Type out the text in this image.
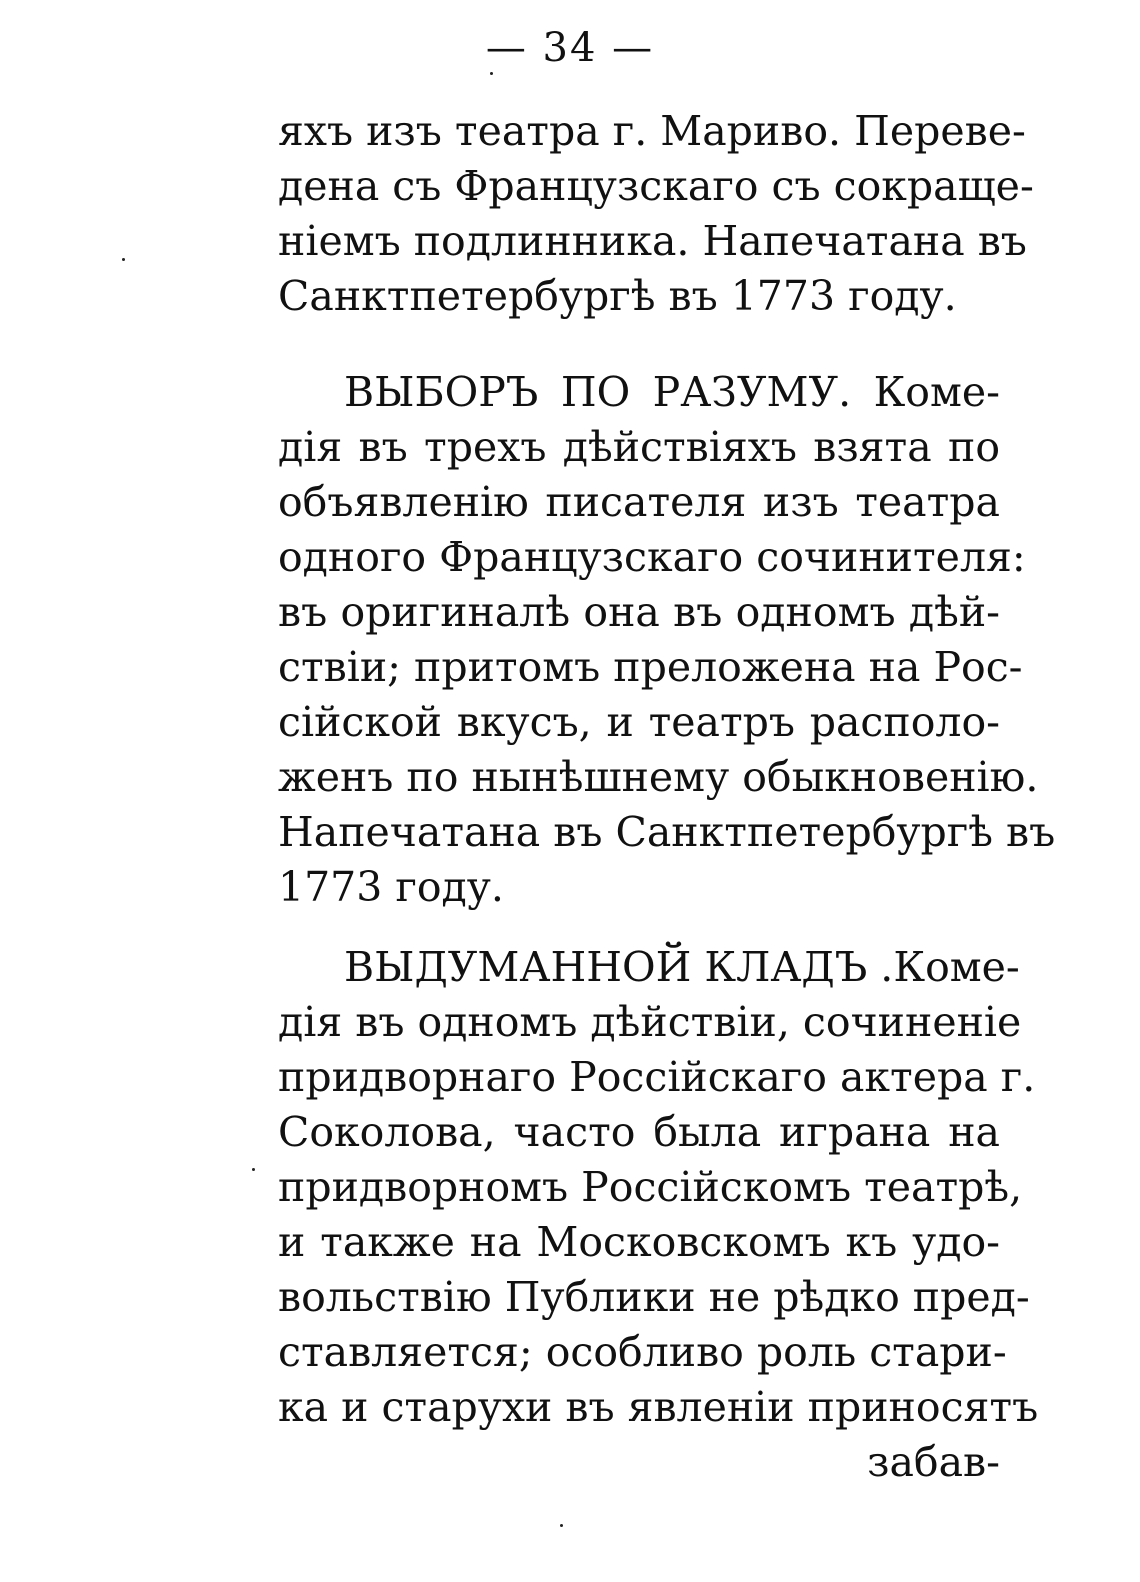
— 34 —
яхъ изъ театра г. Мариво. Переве-
дена съ Французскаго съ сокраще-
нiемъ подлинника. Напечатана въ
Санктпетербургѣ въ 1773 году.
ВЫБОРЪ ПО РАЗУМУ. Коме-
дiя въ трехъ дѣйствiяхъ взята по
объявленiю писателя изъ театра
одного Французскаго сочинителя:
въ оригиналѣ она въ одномъ дѣй-
ствiи; притомъ преложена на Рос-
сiйской вкусъ, и театръ располо-
женъ по нынѣшнему обыкновенiю.
Напечатана въ Санктпетербургѣ въ
1773 году.
ВЫДУМАННОЙ КЛАДЪ .Коме-
дiя въ одномъ дѣйствiи, сочиненiе
придворнаго Россiйскаго актера г.
Соколова, часто была играна на
придворномъ Россiйскомъ театрѣ,
и также на Московскомъ къ удо-
вольствiю Публики не рѣдко пред-
ставляется; особливо роль стари-
ка и старухи въ явленiи приносятъ
забав-
